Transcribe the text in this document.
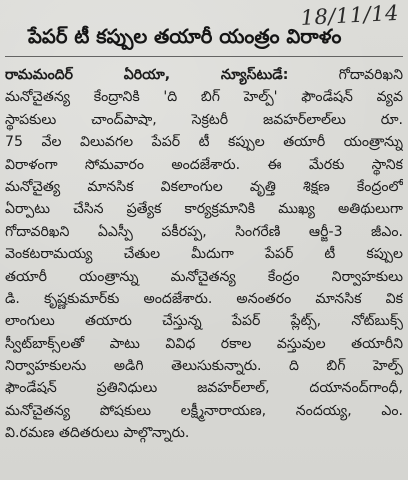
18/11/14
పేపర్ టీ కప్పుల తయారీ యంత్రం విరాళం
రామమందిర్ ఏరియా, న్యూస్‌టుడే:	గోదావరిఖని
మనోచైతన్య కేంద్రానికి 'ది బిగ్ హెల్ప్' ఫౌండేషన్ వ్యవ
స్థాపకులు చాంద్‌పాషా, సెక్రటరీ జవహర్‌లాల్‌లు రూ.
75 వేల విలువగల పేపర్ టీ కప్పుల తయారీ యంత్రాన్ను
విరాళంగా సోమవారం అందజేశారు. ఈ మేరకు స్థానిక
మనోచైత్య మానసిక వికలాంగుల వృత్తి శిక్షణ కేంద్రంలో
ఏర్పాటు చేసిన ప్రత్యేక కార్యక్రమానికి ముఖ్య అతిథులుగా
గోదావరిఖని ఏఎస్పీ పకీరప్ప, సింగరేణి ఆర్జీ-3 జీఎం.
వెంకటరామయ్య చేతుల మీదుగా పేపర్ టీ కప్పుల
తయారీ యంత్రాన్ను మనోచైతన్య కేంద్రం నిర్వాహకులు
డి. కృష్ణకుమార్‌కు అందజేశారు. అనంతరం మానసిక విక
లాంగులు తయారు చేస్తున్న పేపర్ ప్లేట్స్, నోట్‌బుక్స్
స్వీట్‌బాక్స్‌లతో పాటు వివిధ రకాల వస్తువుల తయారీని
నిర్వాహకులను అడిగి తెలుసుకున్నారు. ది బిగ్ హెల్ప్
ఫౌండేషన్ ప్రతినిధులు జవహర్‌లాల్, దయానంద్‌గాంధీ,
మనోచైతన్య పోషకులు లక్ష్మీనారాయణ, నందయ్య, ఎం.
వి.రమణ తదితరులు పాల్గొన్నారు.
